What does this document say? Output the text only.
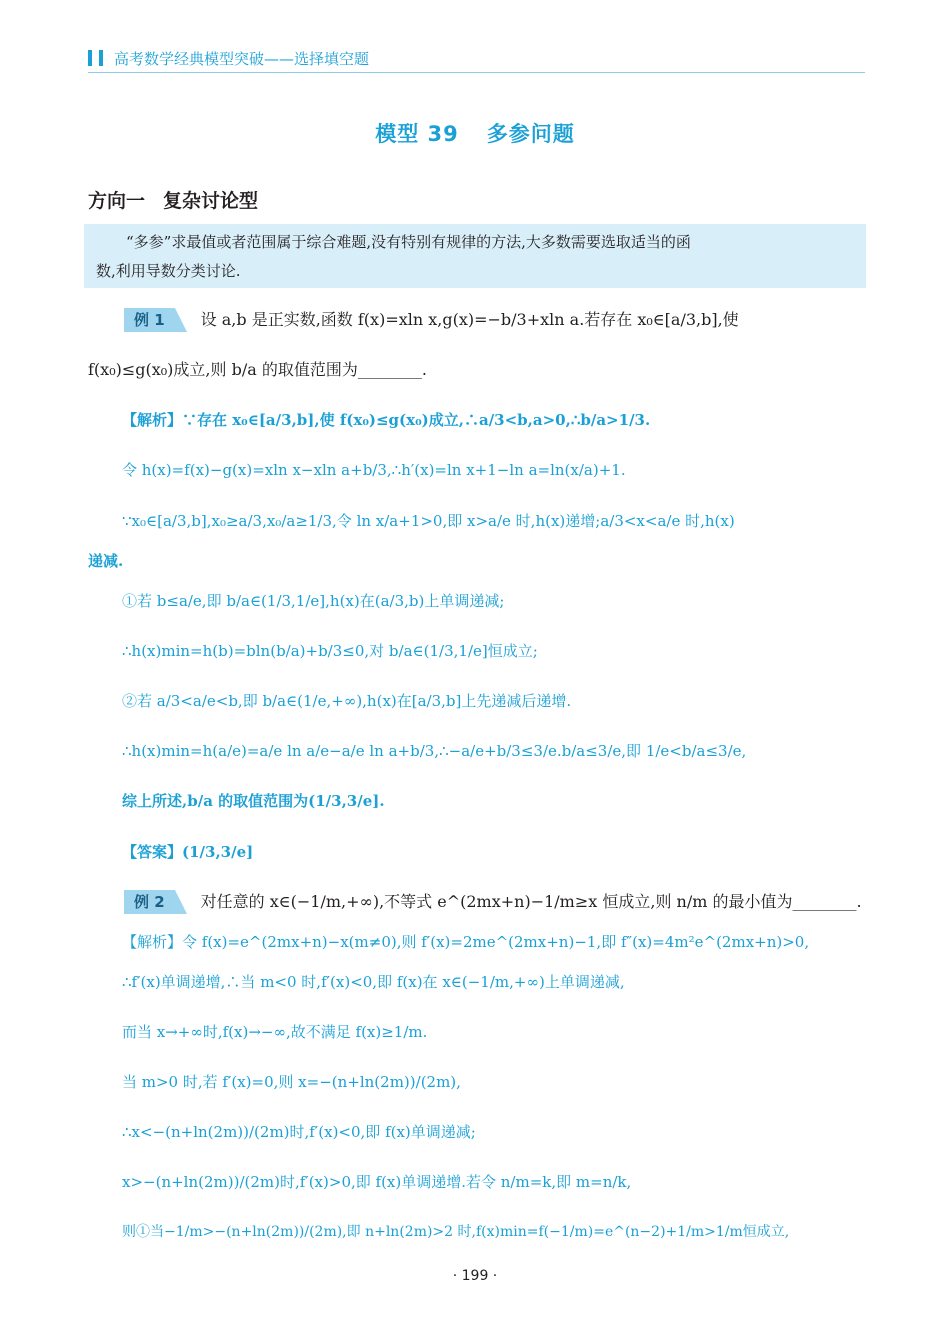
高考数学经典模型突破——选择填空题
模型 39 多参问题
方向一 复杂讨论型
“多参”求最值或者范围属于综合难题,没有特别有规律的方法,大多数需要选取适当的函
数,利用导数分类讨论.
例 1 设 a,b 是正实数,函数 f(x)=xln x,g(x)=−b/3+xln a.若存在 x₀∈[a/3,b],使
f(x₀)≤g(x₀)成立,则 b/a 的取值范围为________.
【解析】∵存在 x₀∈[a/3,b],使 f(x₀)≤g(x₀)成立,∴a/3<b,a>0,∴b/a>1/3.
令 h(x)=f(x)−g(x)=xln x−xln a+b/3,∴h′(x)=ln x+1−ln a=ln(x/a)+1.
∵x₀∈[a/3,b],x₀≥a/3,x₀/a≥1/3,令 ln x/a+1>0,即 x>a/e 时,h(x)递增;a/3<x<a/e 时,h(x)
递减.
①若 b≤a/e,即 b/a∈(1/3,1/e],h(x)在(a/3,b)上单调递减;
∴h(x)min=h(b)=bln(b/a)+b/3≤0,对 b/a∈(1/3,1/e]恒成立;
②若 a/3<a/e<b,即 b/a∈(1/e,+∞),h(x)在[a/3,b]上先递减后递增.
∴h(x)min=h(a/e)=a/e ln a/e−a/e ln a+b/3,∴−a/e+b/3≤3/e.b/a≤3/e,即 1/e<b/a≤3/e,
综上所述,b/a 的取值范围为(1/3,3/e].
【答案】(1/3,3/e]
例 2 对任意的 x∈(−1/m,+∞),不等式 e^(2mx+n)−1/m≥x 恒成立,则 n/m 的最小值为________.
【解析】令 f(x)=e^(2mx+n)−x(m≠0),则 f′(x)=2me^(2mx+n)−1,即 f″(x)=4m²e^(2mx+n)>0,
∴f′(x)单调递增,∴当 m<0 时,f′(x)<0,即 f(x)在 x∈(−1/m,+∞)上单调递减,
而当 x→+∞时,f(x)→−∞,故不满足 f(x)≥1/m.
当 m>0 时,若 f′(x)=0,则 x=−(n+ln(2m))/(2m),
∴x<−(n+ln(2m))/(2m)时,f′(x)<0,即 f(x)单调递减;
x>−(n+ln(2m))/(2m)时,f′(x)>0,即 f(x)单调递增.若令 n/m=k,即 m=n/k,
则①当−1/m>−(n+ln(2m))/(2m),即 n+ln(2m)>2 时,f(x)min=f(−1/m)=e^(n−2)+1/m>1/m恒成立,
· 199 ·
